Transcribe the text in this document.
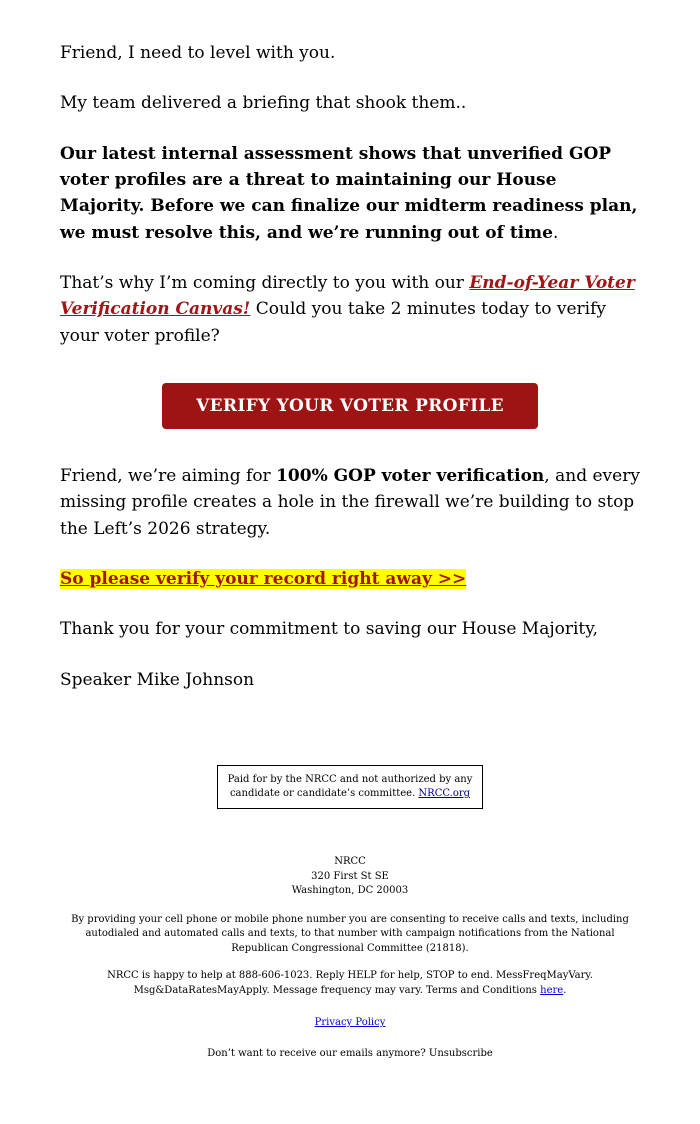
Friend, I need to level with you.

My team delivered a briefing that shook them..

Our latest internal assessment shows that unverified GOP voter profiles are a threat to maintaining our House Majority. Before we can finalize our midterm readiness plan, we must resolve this, and we’re running out of time.

That’s why I’m coming directly to you with our End-of-Year Voter Verification Canvas! Could you take 2 minutes today to verify your voter profile?

VERIFY YOUR VOTER PROFILE

Friend, we’re aiming for 100% GOP voter verification, and every missing profile creates a hole in the firewall we’re building to stop the Left’s 2026 strategy.

So please verify your record right away >>

Thank you for your commitment to saving our House Majority,

Speaker Mike Johnson

Paid for by the NRCC and not authorized by any candidate or candidate’s committee. NRCC.org

NRCC

320 First St SE

Washington, DC 20003

By providing your cell phone or mobile phone number you are consenting to receive calls and texts, including autodialed and automated calls and texts, to that number with campaign notifications from the National Republican Congressional Committee (21818).

NRCC is happy to help at 888-606-1023. Reply HELP for help, STOP to end. MessFreqMayVary. Msg&DataRatesMayApply. Message frequency may vary. Terms and Conditions here.

Privacy Policy

Don’t want to receive our emails anymore? Unsubscribe
